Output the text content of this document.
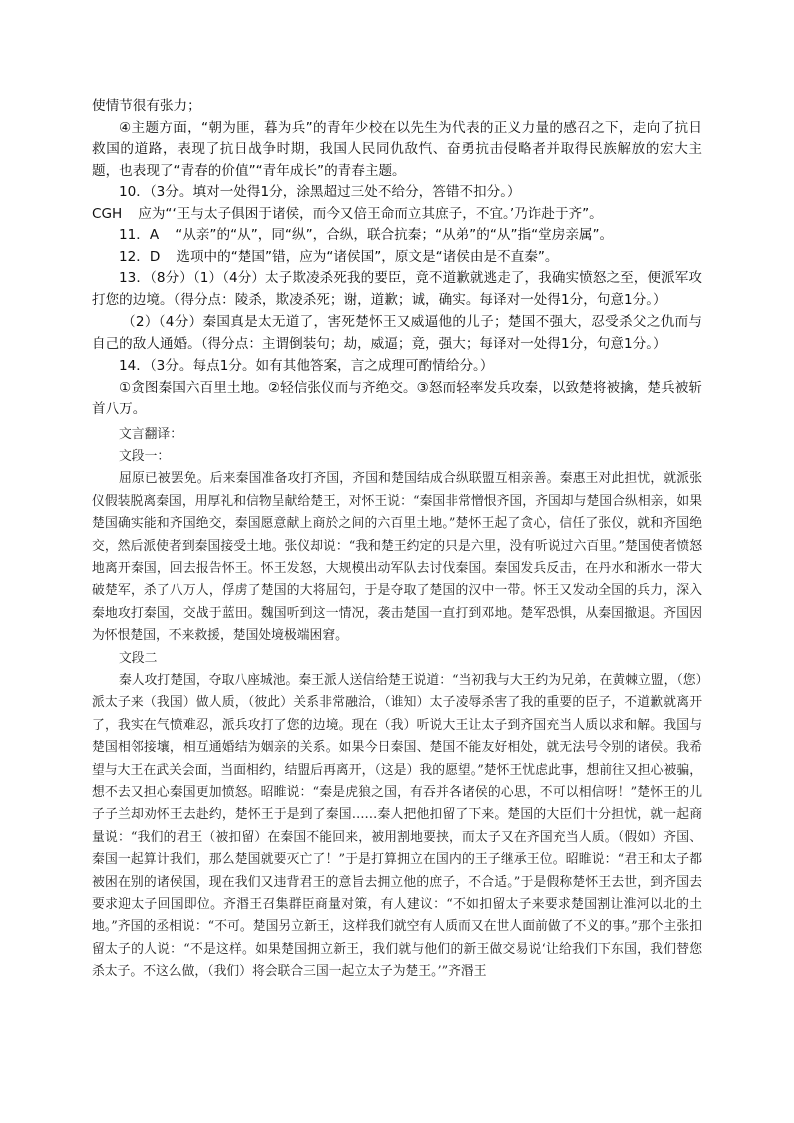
使情节很有张力；

④主题方面，“朝为匪，暮为兵”的青年少校在以先生为代表的正义力量的感召之下，走向了抗日救国的道路，表现了抗日战争时期，我国人民同仇敌忾、奋勇抗击侵略者并取得民族解放的宏大主题，也表现了“青春的价值”“青年成长”的青春主题。

10．（3分。填对一处得1分，涂黑超过三处不给分，答错不扣分。）

CGH 应为“‘王与太子俱困于诸侯，而今又倍王命而立其庶子，不宜。’乃诈赴于齐”。

11．A “从亲”的“从”，同“纵”，合纵，联合抗秦；“从弟”的“从”指“堂房亲属”。

12．D 选项中的“楚国”错，应为“诸侯国”，原文是“诸侯由是不直秦”。

13．（8分）（1）（4分）太子欺凌杀死我的要臣，竟不道歉就逃走了，我确实愤怒之至，便派军攻打您的边境。（得分点：陵杀，欺凌杀死；谢，道歉；诚，确实。每译对一处得1分，句意1分。）

（2）（4分）秦国真是太无道了，害死楚怀王又威逼他的儿子；楚国不强大，忍受杀父之仇而与自己的敌人通婚。（得分点：主谓倒装句；劫，威逼；竟，强大；每译对一处得1分，句意1分。）

14．（3分。每点1分。如有其他答案，言之成理可酌情给分。）

①贪图秦国六百里土地。②轻信张仪而与齐绝交。③怒而轻率发兵攻秦，以致楚将被擒，楚兵被斩首八万。

文言翻译：

文段一：

屈原已被罢免。后来秦国准备攻打齐国，齐国和楚国结成合纵联盟互相亲善。秦惠王对此担忧，就派张仪假装脱离秦国，用厚礼和信物呈献给楚王，对怀王说：“秦国非常憎恨齐国，齐国却与楚国合纵相亲，如果楚国确实能和齐国绝交，秦国愿意献上商於之间的六百里土地。”楚怀王起了贪心，信任了张仪，就和齐国绝交，然后派使者到秦国接受土地。张仪却说：“我和楚王约定的只是六里，没有听说过六百里。”楚国使者愤怒地离开秦国，回去报告怀王。怀王发怒，大规模出动军队去讨伐秦国。秦国发兵反击，在丹水和淅水一带大破楚军，杀了八万人，俘虏了楚国的大将屈匄，于是夺取了楚国的汉中一带。怀王又发动全国的兵力，深入秦地攻打秦国，交战于蓝田。魏国听到这一情况，袭击楚国一直打到邓地。楚军恐惧，从秦国撤退。齐国因为怀恨楚国，不来救援，楚国处境极端困窘。

文段二

秦人攻打楚国，夺取八座城池。秦王派人送信给楚王说道：“当初我与大王约为兄弟，在黄棘立盟，（您）派太子来（我国）做人质，（彼此）关系非常融洽，（谁知）太子凌辱杀害了我的重要的臣子，不道歉就离开了，我实在气愤难忍，派兵攻打了您的边境。现在（我）听说大王让太子到齐国充当人质以求和解。我国与楚国相邻接壤，相互通婚结为姻亲的关系。如果今日秦国、楚国不能友好相处，就无法号令别的诸侯。我希望与大王在武关会面，当面相约，结盟后再离开，（这是）我的愿望。”楚怀王忧虑此事，想前往又担心被骗，想不去又担心秦国更加愤怒。昭睢说：“秦是虎狼之国，有吞并各诸侯的心思，不可以相信呀！”楚怀王的儿子子兰却劝怀王去赴约，楚怀王于是到了秦国……秦人把他扣留了下来。楚国的大臣们十分担忧，就一起商量说：“我们的君王（被扣留）在秦国不能回来，被用割地要挟，而太子又在齐国充当人质。（假如）齐国、秦国一起算计我们，那么楚国就要灭亡了！”于是打算拥立在国内的王子继承王位。昭睢说：“君王和太子都被困在别的诸侯国，现在我们又违背君王的意旨去拥立他的庶子，不合适。”于是假称楚怀王去世，到齐国去要求迎太子回国即位。齐湣王召集群臣商量对策，有人建议：“不如扣留太子来要求楚国割让淮河以北的土地。”齐国的丞相说：“不可。楚国另立新王，这样我们就空有人质而又在世人面前做了不义的事。”那个主张扣留太子的人说：“不是这样。如果楚国拥立新王，我们就与他们的新王做交易说‘让给我们下东国，我们替您杀太子。不这么做，（我们）将会联合三国一起立太子为楚王。’”齐湣王
